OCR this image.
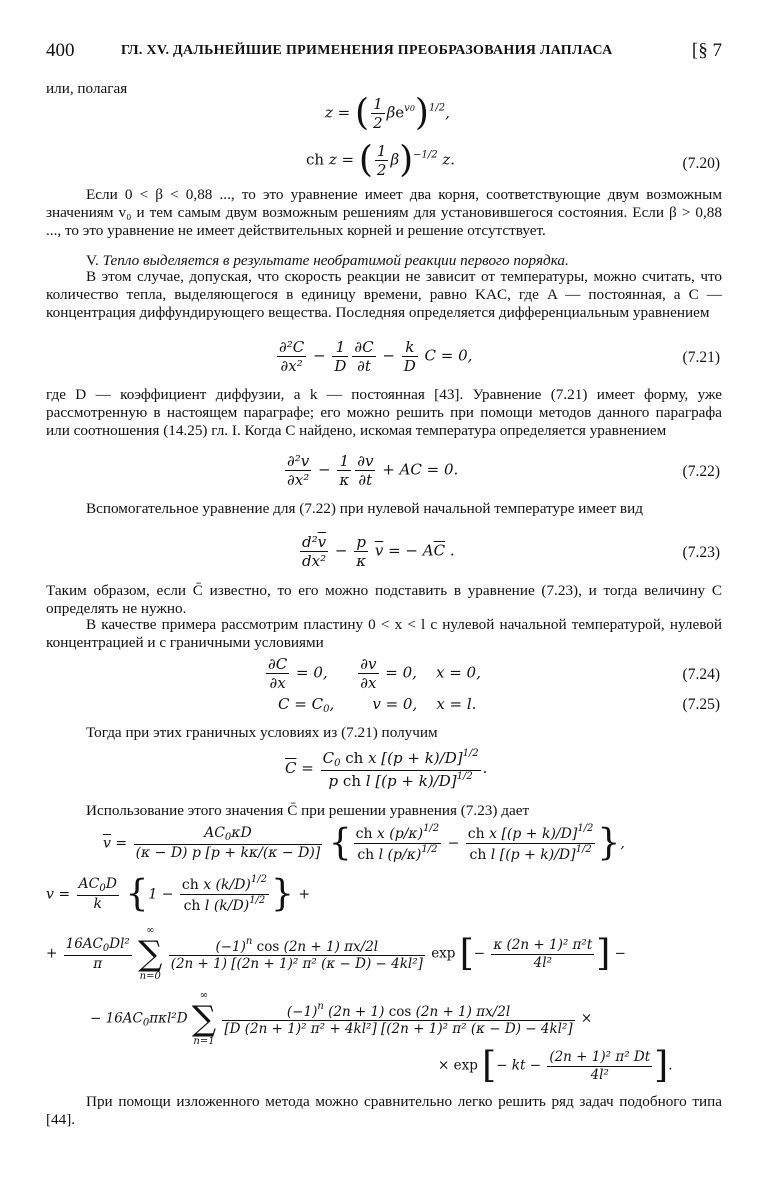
400	ГЛ. XV. ДАЛЬНЕЙШИЕ ПРИМЕНЕНИЯ ПРЕОБРАЗОВАНИЯ ЛАПЛАСА	[§ 7
или, полагая
z = ( $\frac{1}{2} \beta e^{v0})^{1/2}$,
ch z = ( $\frac{1}{2} \beta)^{-1/2}$ z.	(7.20)
Если 0 < β < 0,88 ..., то это уравнение имеет два корня, соответствующие двум возможным значениям v₀ и тем самым двум возможным решениям для установившегося состояния. Если β > 0,88 ..., то это уравнение не имеет действительных корней и решение отсутствует.
V. Тепло выделяется в результате необратимой реакции первого порядка.
В этом случае, допуская, что скорость реакции не зависит от температуры, можно считать, что количество тепла, выделяющегося в единицу времени, равно KAC, где A — постоянная, а C — концентрация диффундирующего вещества. Последняя определяется дифференциальным уравнением
$\frac{\text{∂²C}}{\text{∂x²}} - \frac{1}{D} \frac{\partial C}{\partial t} - \frac{k}{D}$ C = 0,	(7.21)
где D — коэффициент диффузии, а k — постоянная [43]. Уравнение (7.21) имеет форму, уже рассмотренную в настоящем параграфе; его можно решить при помощи методов данного параграфа или соотношения (14.25) гл. I. Когда C найдено, искомая температура определяется уравнением
$\frac{\text{∂²v}}{\text{∂x²}} - \frac{1}{\kappa} \frac{\partial v}{\partial t}$ + AC = 0.	(7.22)
Вспомогательное уравнение для (7.22) при нулевой начальной температуре имеет вид
$\frac{d^2\overline{v}}{\text{dx²}} - \frac{p}{\kappa} \overline{v}$ = − $A\overline{C}$ .	(7.23)
Таким образом, если C̄ известно, то его можно подставить в уравнение (7.23), и тогда величину C определять не нужно.
В качестве примера рассмотрим пластину 0 < x < l с нулевой начальной температурой, нулевой концентрацией и с граничными условиями
$\frac{\partial C}{\partial x} = 0$, $\frac{\partial v}{\partial x} = 0$,    x = 0,	(7.24)
$C = C_0$,        v = 0,    x = l.	(7.25)
Тогда при этих граничных условиях из (7.21) получим
$\overline{C} = \frac{C_0 ch x [(p + k)/D]^{1/2}}{p ch l [(p + k)/D]^{1/2}}$ .
Использование этого значения C̄ при решении уравнения (7.23) дает
$\overline{v} = \frac{AC_0\kappa D}{(\kappa - D) p [p + k\kappa/(\kappa - D)]}$ { $\frac{ch x (p/\kappa)^{1/2}}{ch l (p/\kappa)^{1/2}} - \frac{ch x [(p + k)/D]^{1/2}}{ch l [(p + k)/D]^{1/2}}$ },
$v = \frac{AC_0D}{k} \{1 - \frac{ch x (k/D)^{1/2}}{ch l (k/D)^{1/2}}$ } +
+ $\frac{16AC_0Dl^2}{\pi}$

∞
∑
n=0

$\frac{(-1)^n \cos (2n + 1) \pi x/2l}{\text{(2n + 1) [(2n + 1)² π² (κ − D) − 4kl²]}}$ exp [− $\frac{\text{κ (2n + 1)² π²t}}{\text{4l²}}$ ] −
− $16AC_0\pi\kappa l^2D$
∞
∑
n=1

$\frac{(-1)^n (2n + 1) \cos (2n + 1) \pi x/2l}{\text{[D (2n + 1)² π² + 4kl²] [(2n + 1)² π² (κ − D) − 4kl²]}}$ ×
× exp [− kt − $\frac{\text{(2n + 1)² π² Dt}}{\text{4l²}}$ ].
При помощи изложенного метода можно сравнительно легко решить ряд задач подобного типа [44].
